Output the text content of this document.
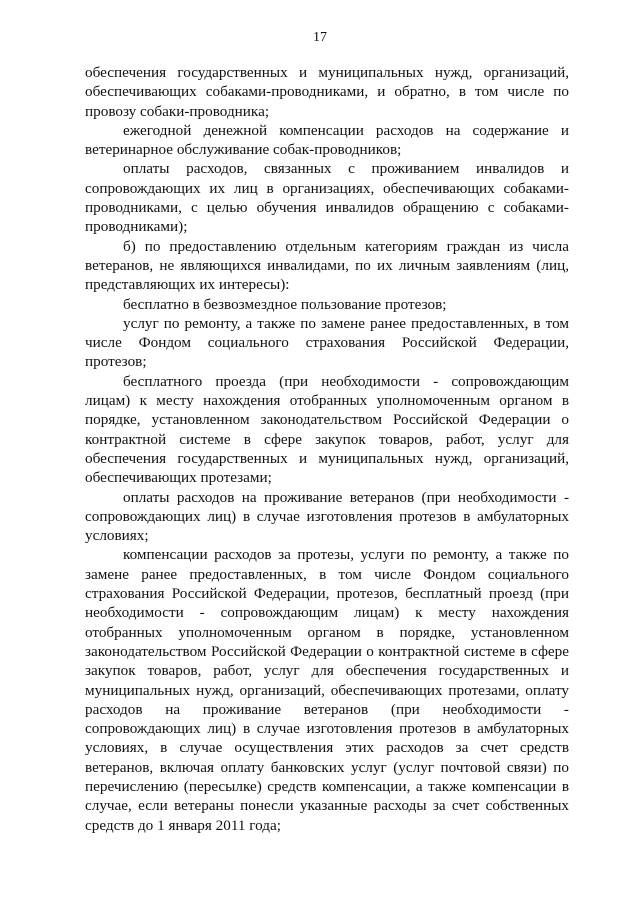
17

обеспечения государственных и муниципальных нужд, организаций, обеспечивающих собаками-проводниками, и обратно, в том числе по провозу собаки-проводника;

ежегодной денежной компенсации расходов на содержание и ветеринарное обслуживание собак-проводников;

оплаты расходов, связанных с проживанием инвалидов и сопровождающих их лиц в организациях, обеспечивающих собаками-проводниками, с целью обучения инвалидов обращению с собаками-проводниками);

б) по предоставлению отдельным категориям граждан из числа ветеранов, не являющихся инвалидами, по их личным заявлениям (лиц, представляющих их интересы):

бесплатно в безвозмездное пользование протезов;

услуг по ремонту, а также по замене ранее предоставленных, в том числе Фондом социального страхования Российской Федерации, протезов;

бесплатного проезда (при необходимости - сопровождающим лицам) к месту нахождения отобранных уполномоченным органом в порядке, установленном законодательством Российской Федерации о контрактной системе в сфере закупок товаров, работ, услуг для обеспечения государственных и муниципальных нужд, организаций, обеспечивающих протезами;

оплаты расходов на проживание ветеранов (при необходимости - сопровождающих лиц) в случае изготовления протезов в амбулаторных условиях;

компенсации расходов за протезы, услуги по ремонту, а также по замене ранее предоставленных, в том числе Фондом социального страхования Российской Федерации, протезов, бесплатный проезд (при необходимости - сопровождающим лицам) к месту нахождения отобранных уполномоченным органом в порядке, установленном законодательством Российской Федерации о контрактной системе в сфере закупок товаров, работ, услуг для обеспечения государственных и муниципальных нужд, организаций, обеспечивающих протезами, оплату расходов на проживание ветеранов (при необходимости - сопровождающих лиц) в случае изготовления протезов в амбулаторных условиях, в случае осуществления этих расходов за счет средств ветеранов, включая оплату банковских услуг (услуг почтовой связи) по перечислению (пересылке) средств компенсации, а также компенсации в случае, если ветераны понесли указанные расходы за счет собственных средств до 1 января 2011 года;
